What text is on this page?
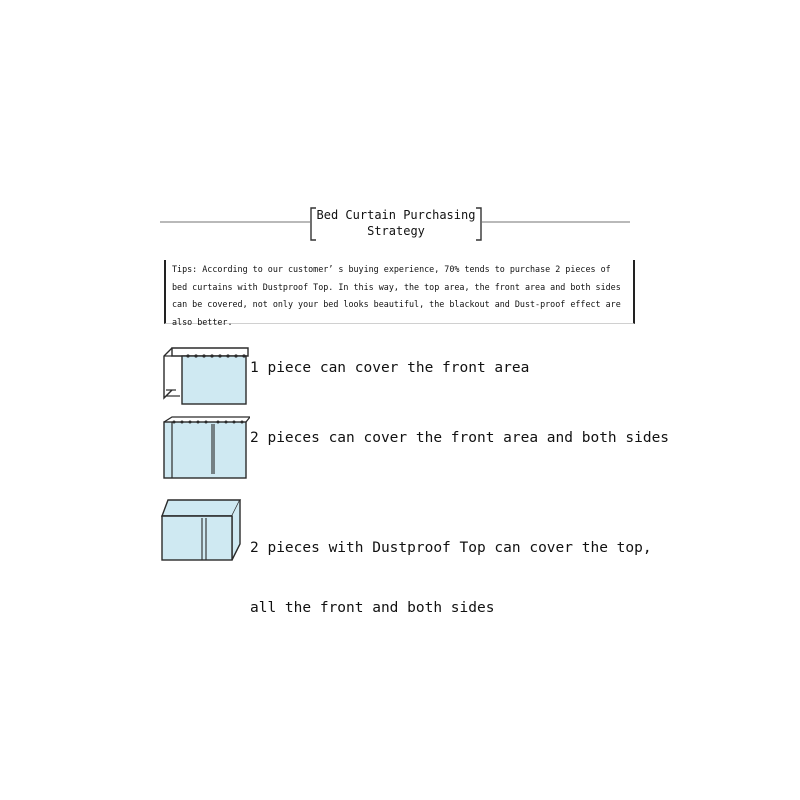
Bed Curtain Purchasing
Strategy
Tips: According to our customer’ s buying experience, 70% tends to purchase 2 pieces of bed curtains with Dustproof Top. In this way, the top area, the front area and both sides can be covered, not only your bed looks beautiful, the blackout and Dust-proof effect are also better.
1 piece can cover the front area
2 pieces can cover the front area and both sides

2 pieces with Dustproof Top can cover the top,

all the front and both sides
